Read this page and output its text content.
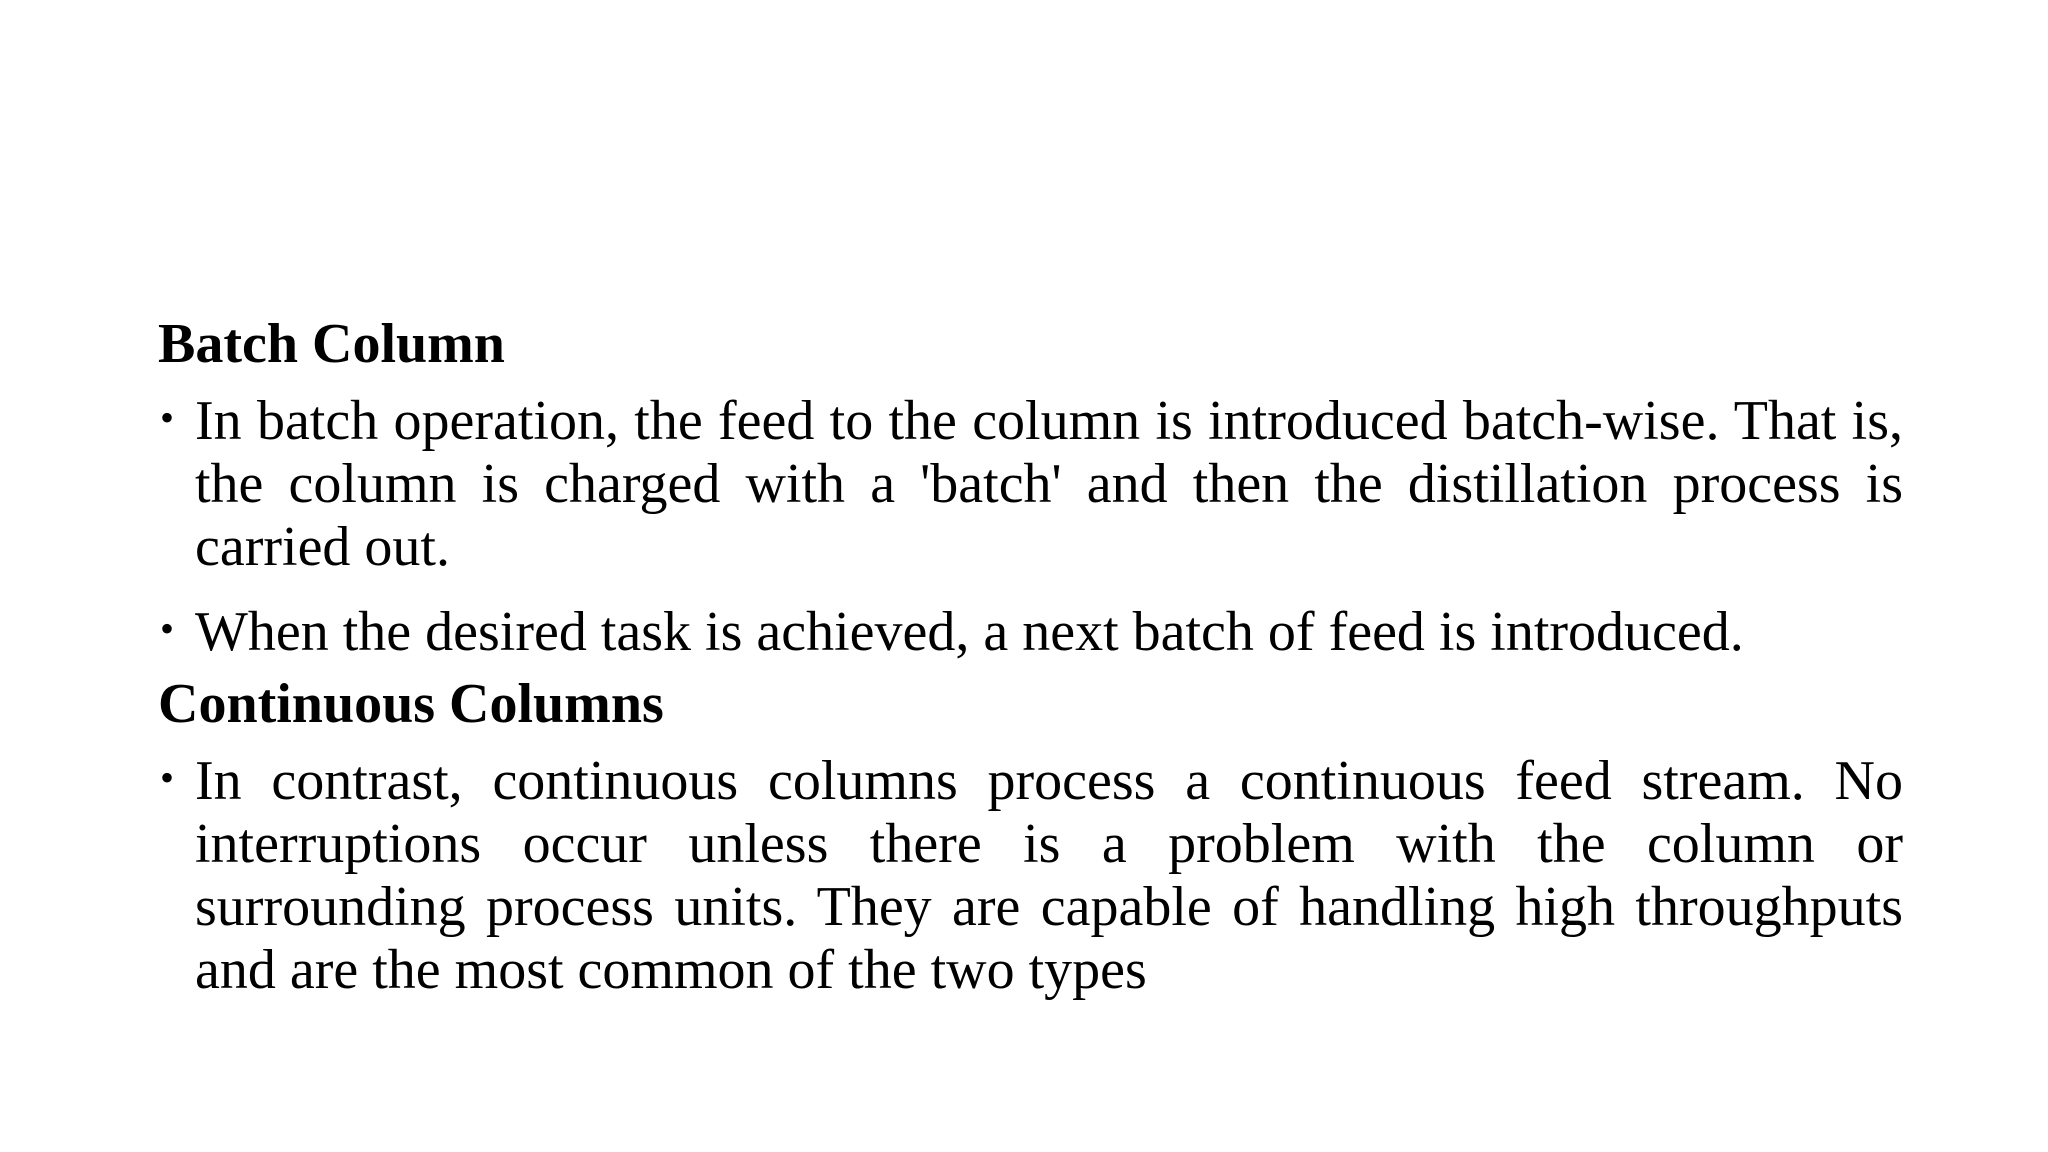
Batch Column
• In batch operation, the feed to the column is introduced batch-wise. That is, the column is charged with a 'batch' and then the distillation process is carried out.
• When the desired task is achieved, a next batch of feed is introduced.
Continuous Columns
• In contrast, continuous columns process a continuous feed stream. No interruptions occur unless there is a problem with the column or surrounding process units. They are capable of handling high throughputs and are the most common of the two types
